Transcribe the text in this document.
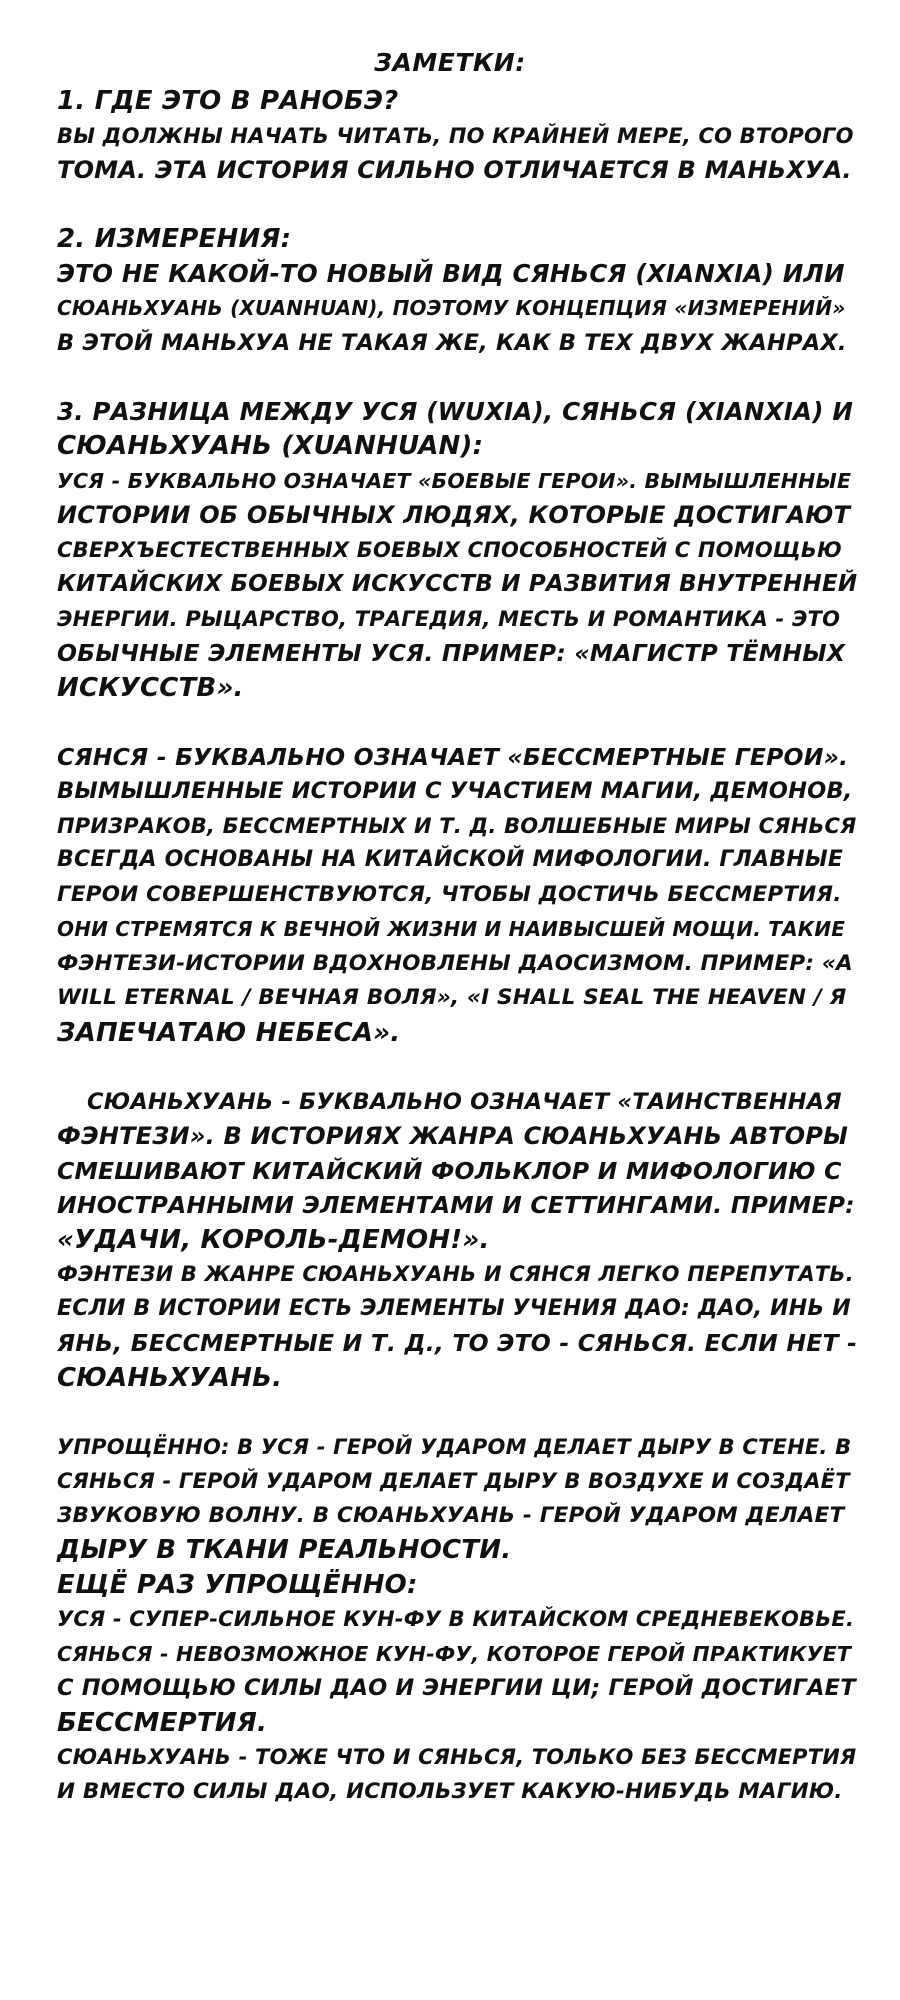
ЗАМЕТКИ:
1. ГДЕ ЭТО В РАНОБЭ?
ВЫ ДОЛЖНЫ НАЧАТЬ ЧИТАТЬ, ПО КРАЙНЕЙ МЕРЕ, СО ВТОРОГО
ТОМА. ЭТА ИСТОРИЯ СИЛЬНО ОТЛИЧАЕТСЯ В МАНЬХУА.
2. ИЗМЕРЕНИЯ:
ЭТО НЕ КАКОЙ-ТО НОВЫЙ ВИД СЯНЬСЯ (XIANXIA) ИЛИ
СЮАНЬХУАНЬ (XUANHUAN), ПОЭТОМУ КОНЦЕПЦИЯ «ИЗМЕРЕНИЙ»
В ЭТОЙ МАНЬХУА НЕ ТАКАЯ ЖЕ, КАК В ТЕХ ДВУХ ЖАНРАХ.
3. РАЗНИЦА МЕЖДУ УСЯ (WUXIA), СЯНЬСЯ (XIANXIA) И
СЮАНЬХУАНЬ (XUANHUAN):
УСЯ - БУКВАЛЬНО ОЗНАЧАЕТ «БОЕВЫЕ ГЕРОИ». ВЫМЫШЛЕННЫЕ
ИСТОРИИ ОБ ОБЫЧНЫХ ЛЮДЯХ, КОТОРЫЕ ДОСТИГАЮТ
СВЕРХЪЕСТЕСТВЕННЫХ БОЕВЫХ СПОСОБНОСТЕЙ С ПОМОЩЬЮ
КИТАЙСКИХ БОЕВЫХ ИСКУССТВ И РАЗВИТИЯ ВНУТРЕННЕЙ
ЭНЕРГИИ. РЫЦАРСТВО, ТРАГЕДИЯ, МЕСТЬ И РОМАНТИКА - ЭТО
ОБЫЧНЫЕ ЭЛЕМЕНТЫ УСЯ. ПРИМЕР: «МАГИСТР ТЁМНЫХ
ИСКУССТВ».
СЯНСЯ - БУКВАЛЬНО ОЗНАЧАЕТ «БЕССМЕРТНЫЕ ГЕРОИ».
ВЫМЫШЛЕННЫЕ ИСТОРИИ С УЧАСТИЕМ МАГИИ, ДЕМОНОВ,
ПРИЗРАКОВ, БЕССМЕРТНЫХ И Т. Д. ВОЛШЕБНЫЕ МИРЫ СЯНЬСЯ
ВСЕГДА ОСНОВАНЫ НА КИТАЙСКОЙ МИФОЛОГИИ. ГЛАВНЫЕ
ГЕРОИ СОВЕРШЕНСТВУЮТСЯ, ЧТОБЫ ДОСТИЧЬ БЕССМЕРТИЯ.
ОНИ СТРЕМЯТСЯ К ВЕЧНОЙ ЖИЗНИ И НАИВЫСШЕЙ МОЩИ. ТАКИЕ
ФЭНТЕЗИ-ИСТОРИИ ВДОХНОВЛЕНЫ ДАОСИЗМОМ. ПРИМЕР: «A
WILL ETERNAL / ВЕЧНАЯ ВОЛЯ», «I SHALL SEAL THE HEAVEN / Я
ЗАПЕЧАТАЮ НЕБЕСА».
СЮАНЬХУАНЬ - БУКВАЛЬНО ОЗНАЧАЕТ «ТАИНСТВЕННАЯ
ФЭНТЕЗИ». В ИСТОРИЯХ ЖАНРА СЮАНЬХУАНЬ АВТОРЫ
СМЕШИВАЮТ КИТАЙСКИЙ ФОЛЬКЛОР И МИФОЛОГИЮ С
ИНОСТРАННЫМИ ЭЛЕМЕНТАМИ И СЕТТИНГАМИ. ПРИМЕР:
«УДАЧИ, КОРОЛЬ-ДЕМОН!».
ФЭНТЕЗИ В ЖАНРЕ СЮАНЬХУАНЬ И СЯНСЯ ЛЕГКО ПЕРЕПУТАТЬ.
ЕСЛИ В ИСТОРИИ ЕСТЬ ЭЛЕМЕНТЫ УЧЕНИЯ ДАО: ДАО, ИНЬ И
ЯНЬ, БЕССМЕРТНЫЕ И Т. Д., ТО ЭТО - СЯНЬСЯ. ЕСЛИ НЕТ -
СЮАНЬХУАНЬ.
УПРОЩЁННО: В УСЯ - ГЕРОЙ УДАРОМ ДЕЛАЕТ ДЫРУ В СТЕНЕ. В
СЯНЬСЯ - ГЕРОЙ УДАРОМ ДЕЛАЕТ ДЫРУ В ВОЗДУХЕ И СОЗДАЁТ
ЗВУКОВУЮ ВОЛНУ. В СЮАНЬХУАНЬ - ГЕРОЙ УДАРОМ ДЕЛАЕТ
ДЫРУ В ТКАНИ РЕАЛЬНОСТИ.
ЕЩЁ РАЗ УПРОЩЁННО:
УСЯ - СУПЕР-СИЛЬНОЕ КУН-ФУ В КИТАЙСКОМ СРЕДНЕВЕКОВЬЕ.
СЯНЬСЯ - НЕВОЗМОЖНОЕ КУН-ФУ, КОТОРОЕ ГЕРОЙ ПРАКТИКУЕТ
С ПОМОЩЬЮ СИЛЫ ДАО И ЭНЕРГИИ ЦИ; ГЕРОЙ ДОСТИГАЕТ
БЕССМЕРТИЯ.
СЮАНЬХУАНЬ - ТОЖЕ ЧТО И СЯНЬСЯ, ТОЛЬКО БЕЗ БЕССМЕРТИЯ
И ВМЕСТО СИЛЫ ДАО, ИСПОЛЬЗУЕТ КАКУЮ-НИБУДЬ МАГИЮ.
